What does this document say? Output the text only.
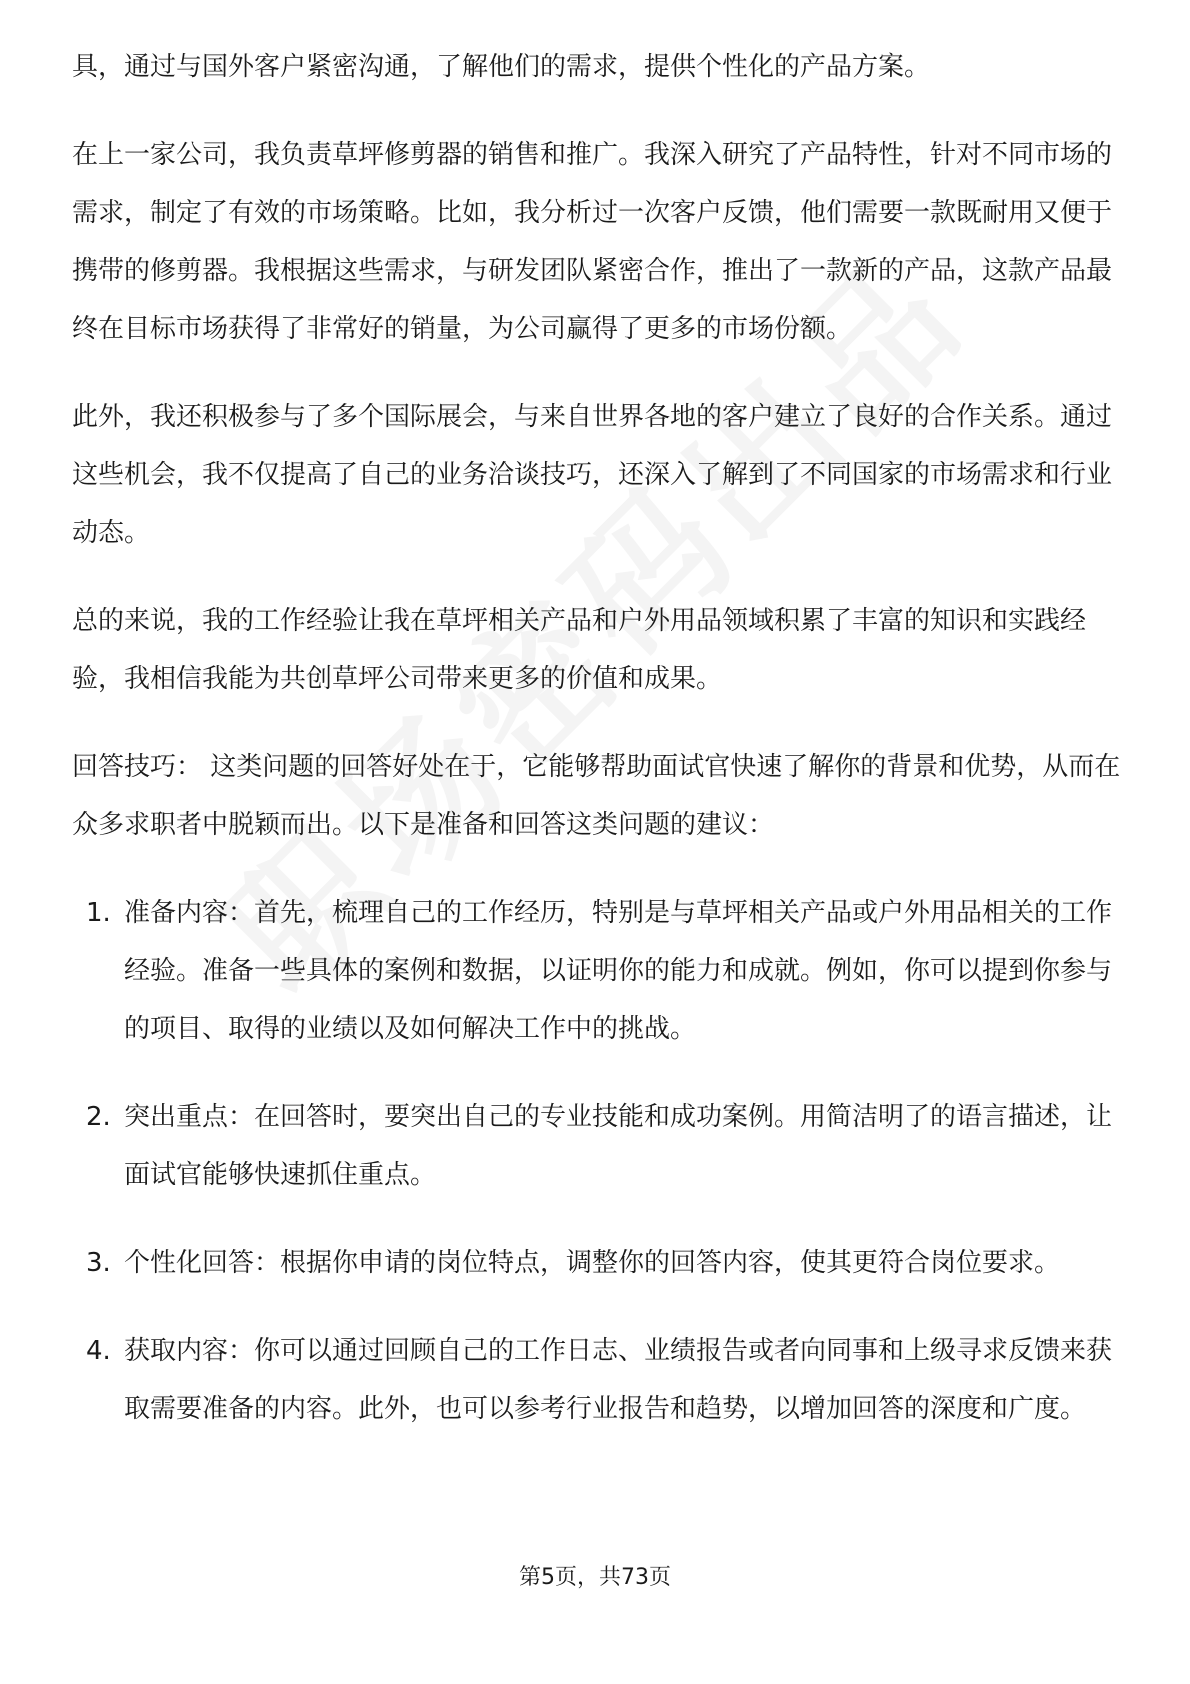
具，通过与国外客户紧密沟通，了解他们的需求，提供个性化的产品方案。

在上一家公司，我负责草坪修剪器的销售和推广。我深入研究了产品特性，针对不同市场的需求，制定了有效的市场策略。比如，我分析过一次客户反馈，他们需要一款既耐用又便于携带的修剪器。我根据这些需求，与研发团队紧密合作，推出了一款新的产品，这款产品最终在目标市场获得了非常好的销量，为公司赢得了更多的市场份额。

此外，我还积极参与了多个国际展会，与来自世界各地的客户建立了良好的合作关系。通过这些机会，我不仅提高了自己的业务洽谈技巧，还深入了解到了不同国家的市场需求和行业动态。

总的来说，我的工作经验让我在草坪相关产品和户外用品领域积累了丰富的知识和实践经验，我相信我能为共创草坪公司带来更多的价值和成果。

回答技巧： 这类问题的回答好处在于，它能够帮助面试官快速了解你的背景和优势，从而在众多求职者中脱颖而出。以下是准备和回答这类问题的建议：

1. 准备内容：首先，梳理自己的工作经历，特别是与草坪相关产品或户外用品相关的工作经验。准备一些具体的案例和数据，以证明你的能力和成就。例如，你可以提到你参与的项目、取得的业绩以及如何解决工作中的挑战。
2. 突出重点：在回答时，要突出自己的专业技能和成功案例。用简洁明了的语言描述，让面试官能够快速抓住重点。
3. 个性化回答：根据你申请的岗位特点，调整你的回答内容，使其更符合岗位要求。
4. 获取内容：你可以通过回顾自己的工作日志、业绩报告或者向同事和上级寻求反馈来获取需要准备的内容。此外，也可以参考行业报告和趋势，以增加回答的深度和广度。
第5页，共73页
